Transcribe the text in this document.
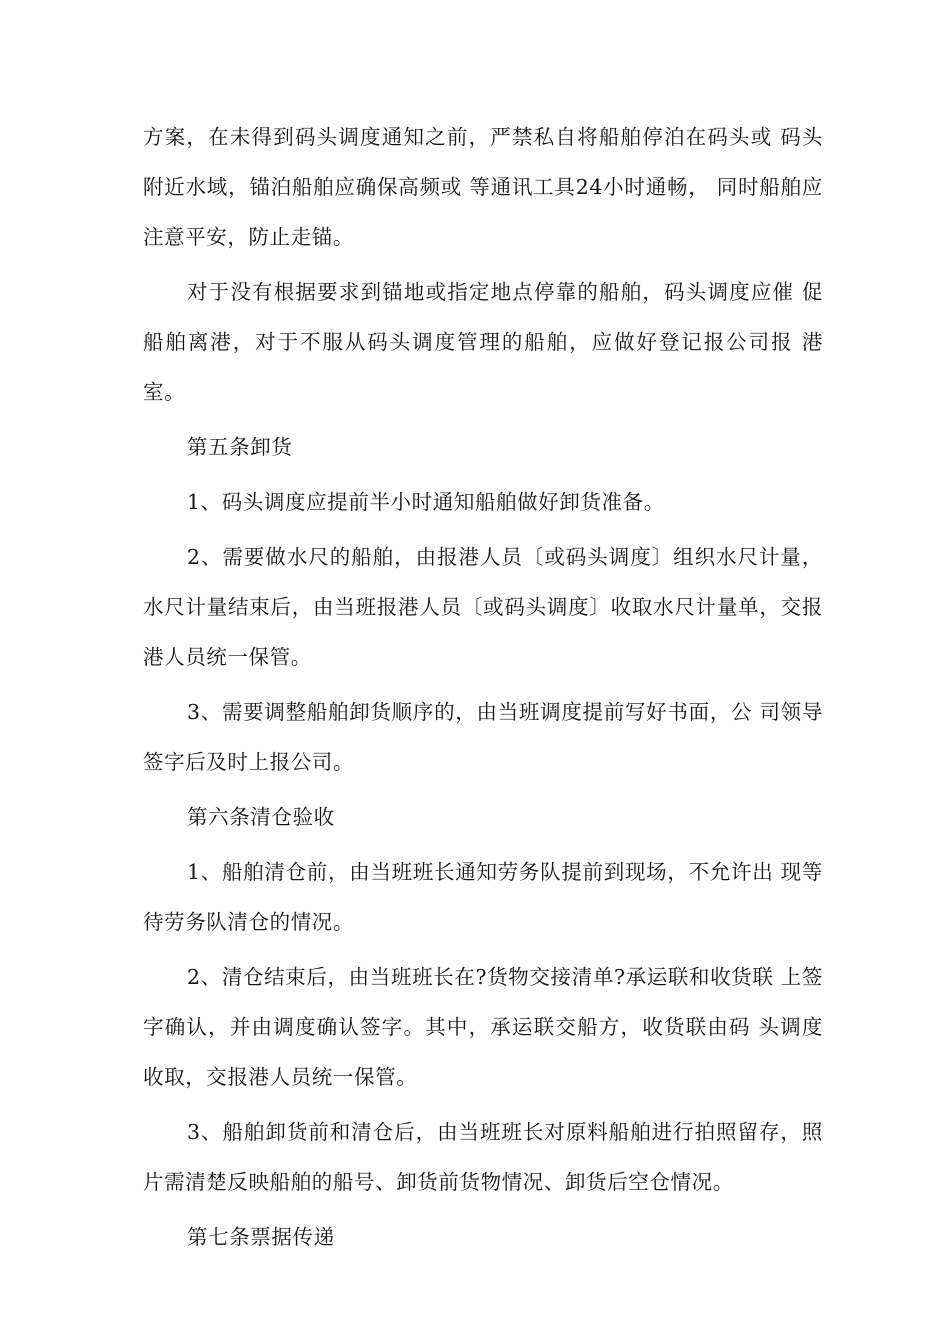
方案，在未得到码头调度通知之前，严禁私自将船舶停泊在码头或 码头附近水域，锚泊船舶应确保高频或 等通讯工具24小时通畅， 同时船舶应注意平安，防止走锚。

对于没有根据要求到锚地或指定地点停靠的船舶，码头调度应催 促船舶离港，对于不服从码头调度管理的船舶，应做好登记报公司报 港室。

第五条卸货

1、码头调度应提前半小时通知船舶做好卸货准备。

2、需要做水尺的船舶，由报港人员〔或码头调度〕组织水尺计量，水尺计量结束后，由当班报港人员〔或码头调度〕收取水尺计量单，交报港人员统一保管。

3、需要调整船舶卸货顺序的，由当班调度提前写好书面，公 司领导签字后及时上报公司。

第六条清仓验收

1、船舶清仓前，由当班班长通知劳务队提前到现场，不允许出 现等待劳务队清仓的情况。

2、清仓结束后，由当班班长在?货物交接清单?承运联和收货联 上签字确认，并由调度确认签字。其中，承运联交船方，收货联由码 头调度收取，交报港人员统一保管。

3、船舶卸货前和清仓后，由当班班长对原料船舶进行拍照留存，照片需清楚反映船舶的船号、卸货前货物情况、卸货后空仓情况。

第七条票据传递
